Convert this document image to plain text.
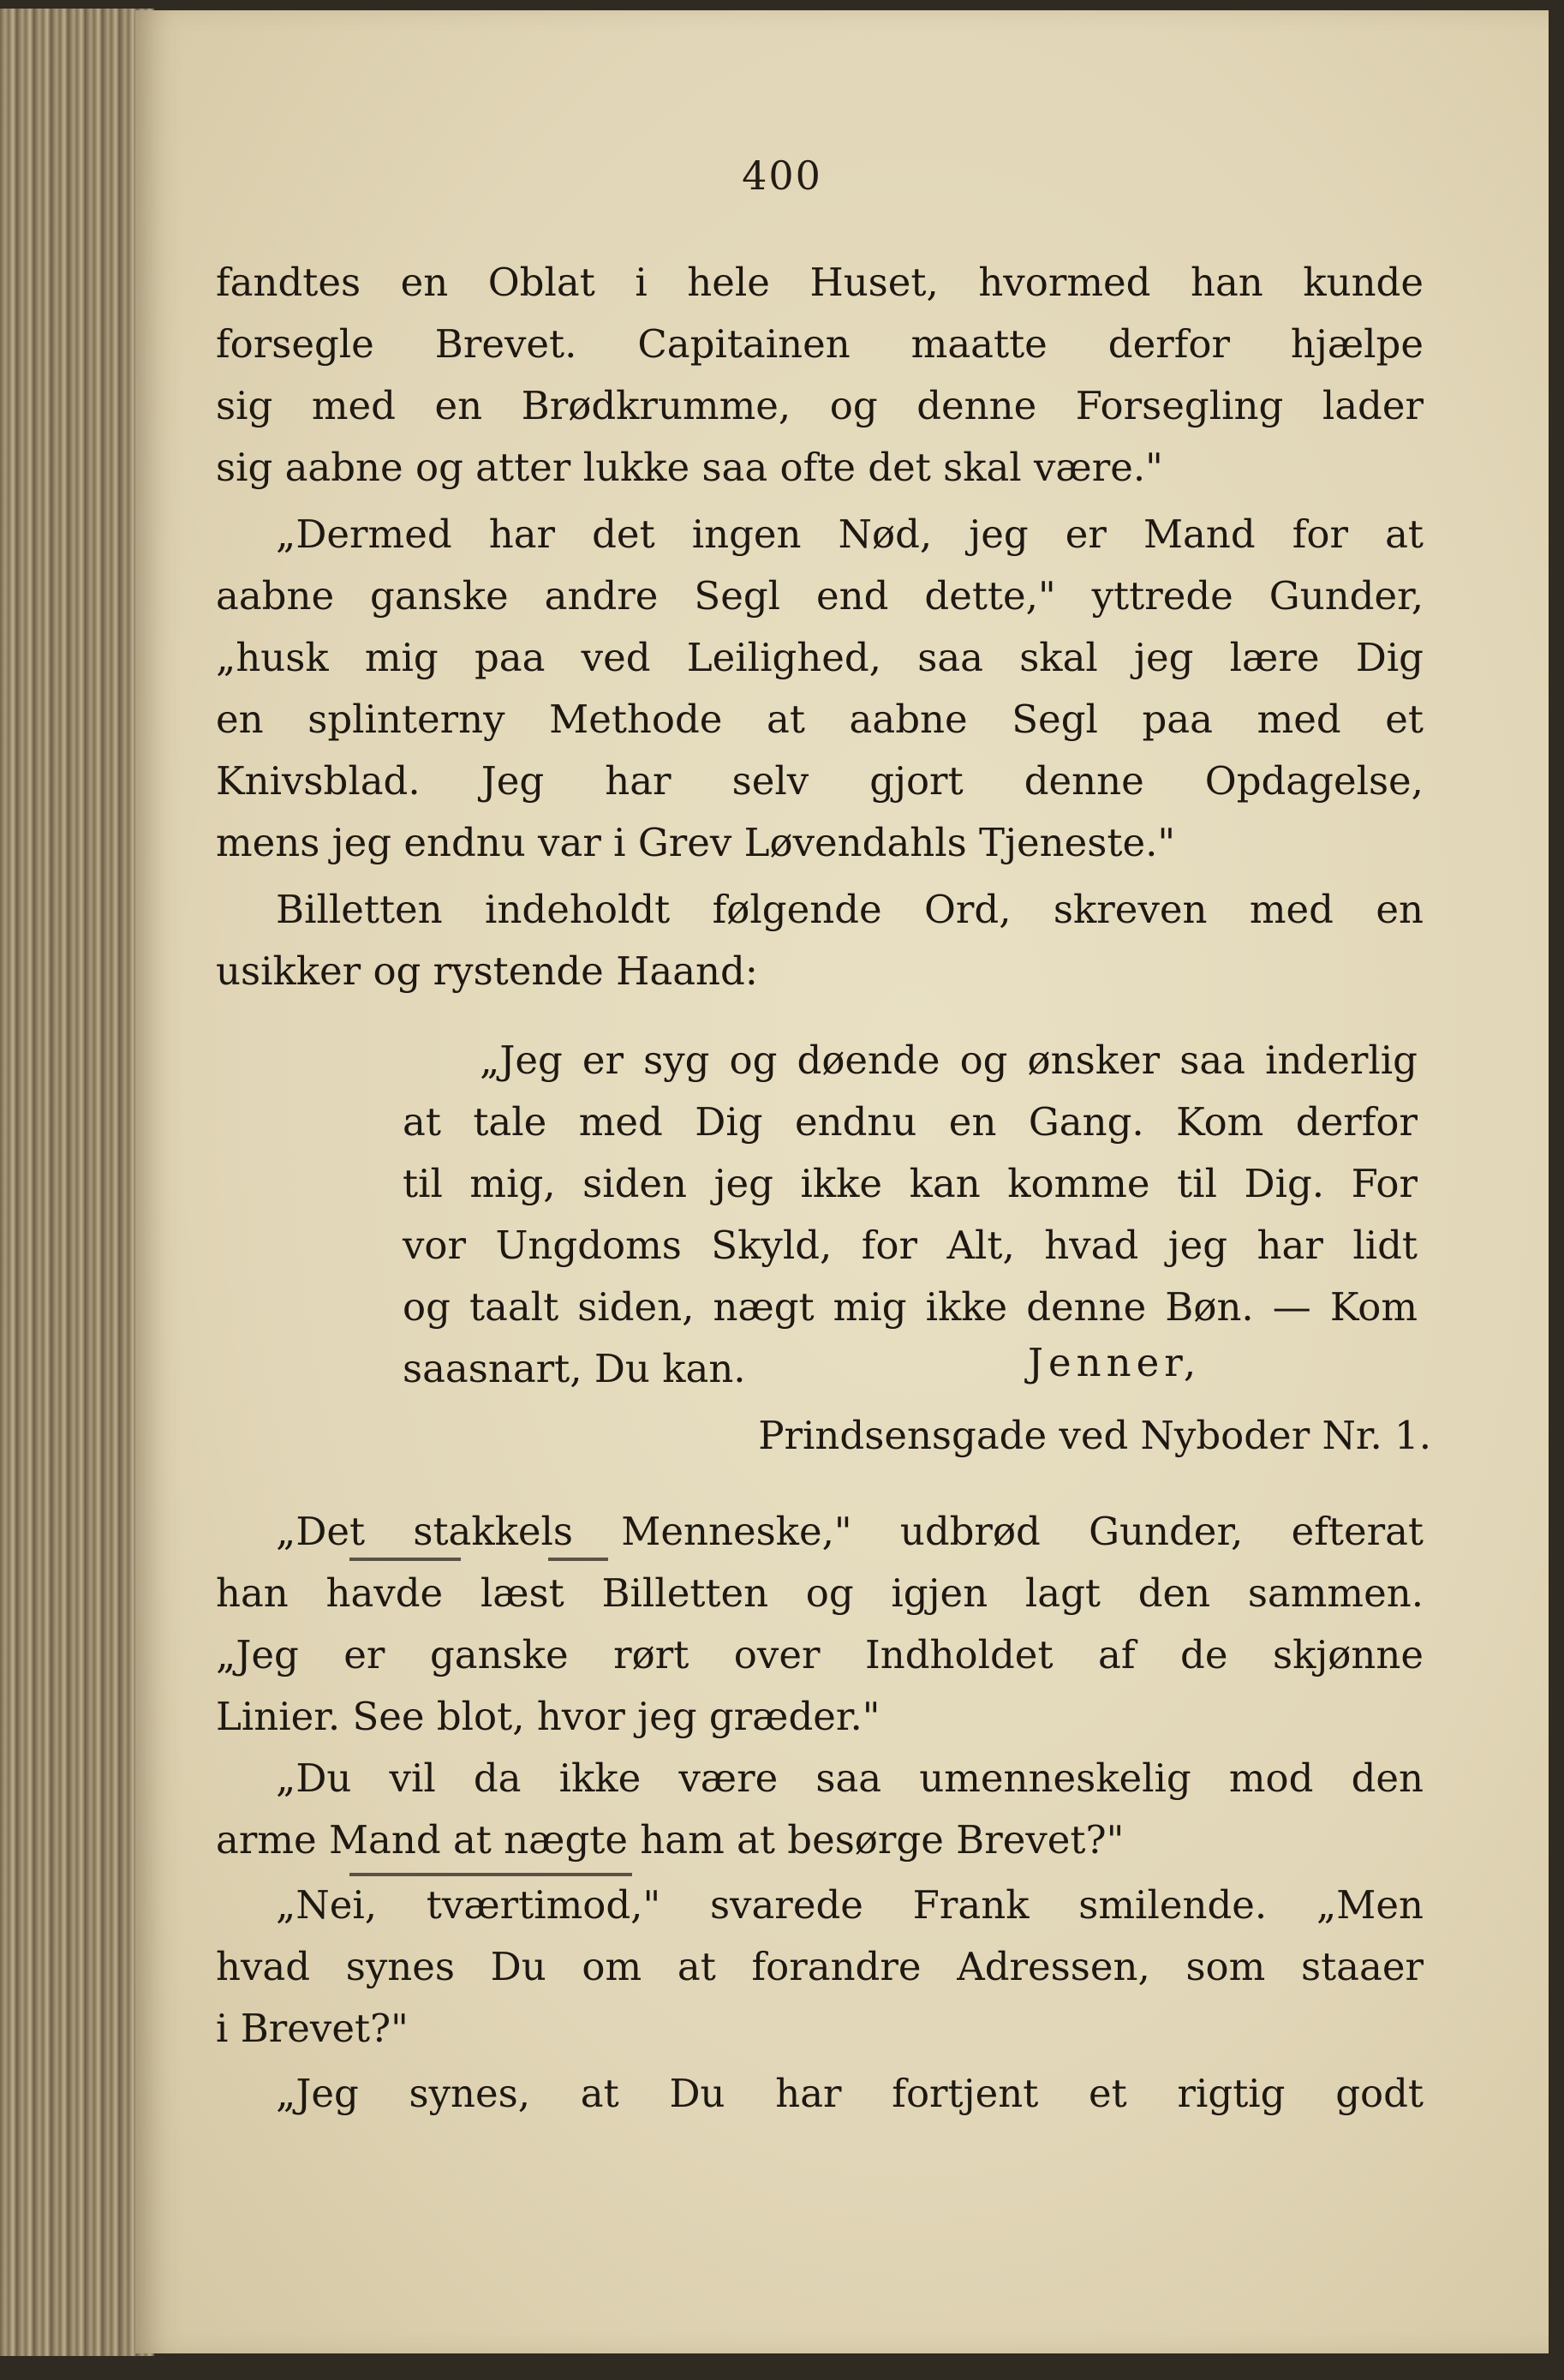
400
fandtes en Oblat i hele Huset, hvormed han kunde
forsegle Brevet. Capitainen maatte derfor hjælpe
sig med en Brødkrumme, og denne Forsegling lader
sig aabne og atter lukke saa ofte det skal være."
„Dermed har det ingen Nød, jeg er Mand for at
aabne ganske andre Segl end dette," yttrede Gunder,
„husk mig paa ved Leilighed, saa skal jeg lære Dig
en splinterny Methode at aabne Segl paa med et
Knivsblad. Jeg har selv gjort denne Opdagelse,
mens jeg endnu var i Grev Løvendahls Tjeneste."
Billetten indeholdt følgende Ord, skreven med en
usikker og rystende Haand:
„Jeg er syg og døende og ønsker saa inderlig
at tale med Dig endnu en Gang. Kom derfor
til mig, siden jeg ikke kan komme til Dig. For
vor Ungdoms Skyld, for Alt, hvad jeg har lidt
og taalt siden, nægt mig ikke denne Bøn. — Kom
saasnart, Du kan.	Jenner,
Prindsensgade ved Nyboder Nr. 1.
„Det stakkels Menneske," udbrød Gunder, efterat
han havde læst Billetten og igjen lagt den sammen.
„Jeg er ganske rørt over Indholdet af de skjønne
Linier. See blot, hvor jeg græder."
„Du vil da ikke være saa umenneskelig mod den
arme Mand at nægte ham at besørge Brevet?"
„Nei, tværtimod," svarede Frank smilende. „Men
hvad synes Du om at forandre Adressen, som staaer
i Brevet?"
„Jeg synes, at Du har fortjent et rigtig godt
